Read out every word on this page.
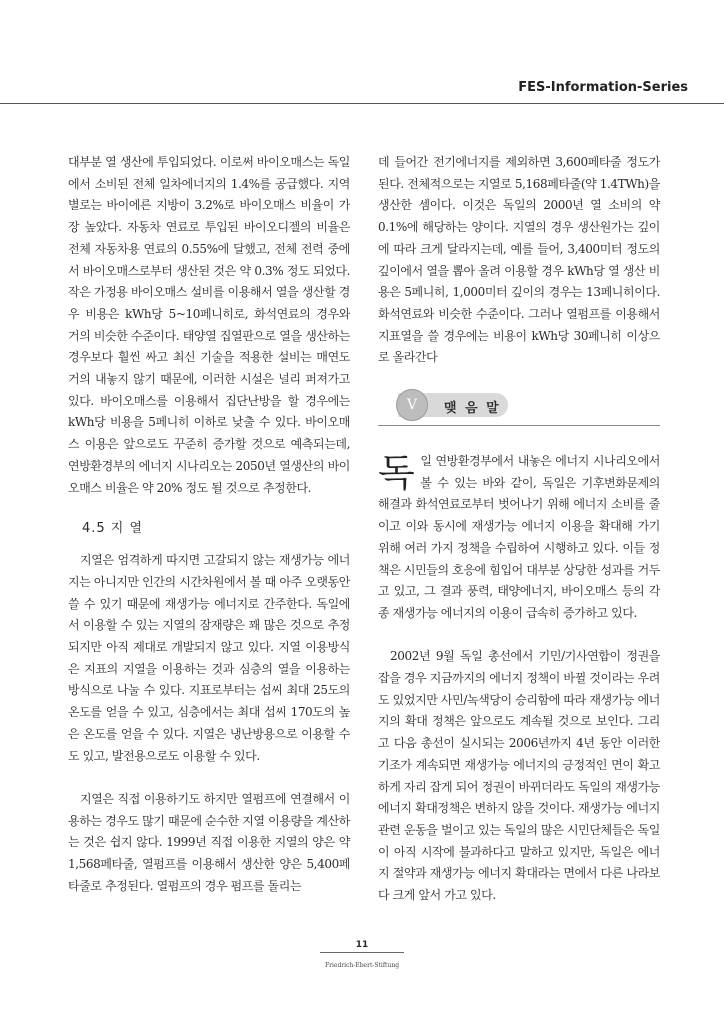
FES-Information-Series

대부분 열 생산에 투입되었다. 이로써 바이오매스는 독일에서 소비된 전체 일차에너지의 1.4%를 공급했다. 지역별로는 바이에른 지방이 3.2%로 바이오매스 비율이 가장 높았다. 자동차 연료로 투입된 바이오디젤의 비율은 전체 자동차용 연료의 0.55%에 달했고, 전체 전력 중에서 바이오매스로부터 생산된 것은 약 0.3% 정도 되었다. 작은 가정용 바이오매스 설비를 이용해서 열을 생산할 경우 비용은 kWh당 5~10페니히로, 화석연료의 경우와 거의 비슷한 수준이다. 태양열 집열판으로 열을 생산하는 경우보다 훨씬 싸고 최신 기술을 적용한 설비는 매연도 거의 내놓지 않기 때문에, 이러한 시설은 널리 퍼져가고 있다. 바이오매스를 이용해서 집단난방을 할 경우에는 kWh당 비용을 5페니히 이하로 낮출 수 있다. 바이오매스 이용은 앞으로도 꾸준히 증가할 것으로 예측되는데, 연방환경부의 에너지 시나리오는 2050년 열생산의 바이오매스 비율은 약 20% 정도 될 것으로 추정한다.

4.5 지 열

지열은 엄격하게 따지면 고갈되지 않는 재생가능 에너지는 아니지만 인간의 시간차원에서 볼 때 아주 오랫동안 쓸 수 있기 때문에 재생가능 에너지로 간주한다. 독일에서 이용할 수 있는 지열의 잠재량은 꽤 많은 것으로 추정되지만 아직 제대로 개발되지 않고 있다. 지열 이용방식은 지표의 지열을 이용하는 것과 심층의 열을 이용하는 방식으로 나눌 수 있다. 지표로부터는 섭씨 최대 25도의 온도를 얻을 수 있고, 심층에서는 최대 섭씨 170도의 높은 온도를 얻을 수 있다. 지열은 냉난방용으로 이용할 수도 있고, 발전용으로도 이용할 수 있다.

지열은 직접 이용하기도 하지만 열펌프에 연결해서 이용하는 경우도 많기 때문에 순수한 지열 이용량을 계산하는 것은 쉽지 않다. 1999년 직접 이용한 지열의 양은 약 1,568페타줄, 열펌프를 이용해서 생산한 양은 5,400페타줄로 추정된다. 열펌프의 경우 펌프를 돌리는

데 들어간 전기에너지를 제외하면 3,600페타줄 정도가 된다. 전체적으로는 지열로 5,168페타줄(약 1.4TWh)을 생산한 셈이다. 이것은 독일의 2000년 열 소비의 약 0.1%에 해당하는 양이다. 지열의 경우 생산원가는 깊이에 따라 크게 달라지는데, 예를 들어, 3,400미터 정도의 깊이에서 열을 뽑아 올려 이용할 경우 kWh당 열 생산 비용은 5페니히, 1,000미터 깊이의 경우는 13페니히이다. 화석연료와 비슷한 수준이다. 그러나 열펌프를 이용해서 지표열을 쓸 경우에는 비용이 kWh당 30페니히 이상으로 올라간다

V	맺 음 말

독일 연방환경부에서 내놓은 에너지 시나리오에서 볼 수 있는 바와 같이, 독일은 기후변화문제의 해결과 화석연료로부터 벗어나기 위해 에너지 소비를 줄이고 이와 동시에 재생가능 에너지 이용을 확대해 가기 위해 여러 가지 정책을 수립하여 시행하고 있다. 이들 정책은 시민들의 호응에 힘입어 대부분 상당한 성과를 거두고 있고, 그 결과 풍력, 태양에너지, 바이오매스 등의 각종 재생가능 에너지의 이용이 급속히 증가하고 있다.

2002년 9월 독일 총선에서 기민/기사연합이 정권을 잡을 경우 지금까지의 에너지 정책이 바뀔 것이라는 우려도 있었지만 사민/녹색당이 승리함에 따라 재생가능 에너지의 확대 정책은 앞으로도 계속될 것으로 보인다. 그리고 다음 총선이 실시되는 2006년까지 4년 동안 이러한 기조가 계속되면 재생가능 에너지의 긍정적인 면이 확고하게 자리 잡게 되어 정권이 바뀌더라도 독일의 재생가능 에너지 확대정책은 변하지 않을 것이다. 재생가능 에너지 관련 운동을 벌이고 있는 독일의 많은 시민단체들은 독일이 아직 시작에 불과하다고 말하고 있지만, 독일은 에너지 절약과 재생가능 에너지 확대라는 면에서 다른 나라보다 크게 앞서 가고 있다.

11
Friedrich-Ebert-Stiftung
